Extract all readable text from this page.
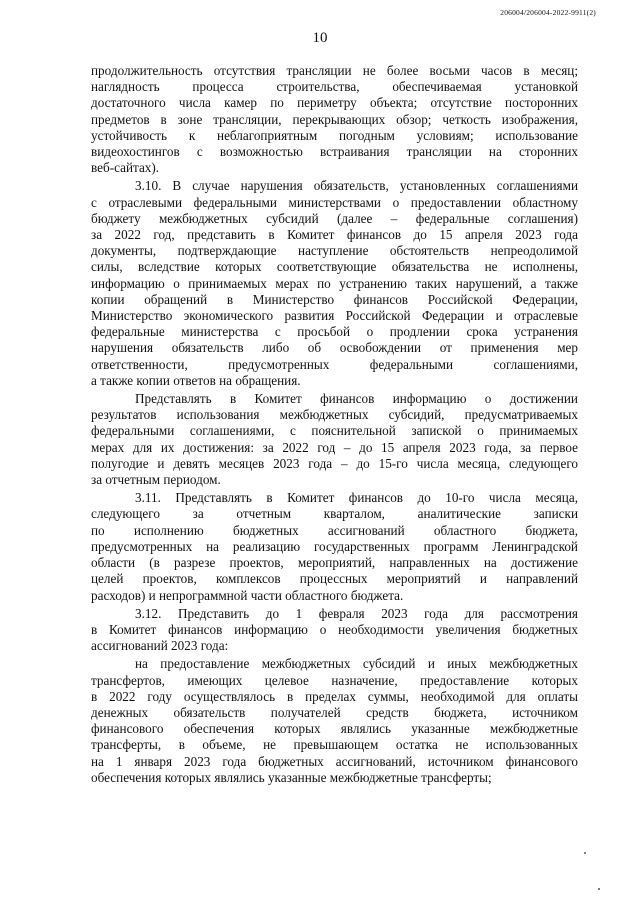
206004/206004-2022-9911(2)
10
продолжительность отсутствия трансляции не более восьми часов в месяц;
наглядность процесса строительства, обеспечиваемая установкой
достаточного числа камер по периметру объекта; отсутствие посторонних
предметов в зоне трансляции, перекрывающих обзор; четкость изображения,
устойчивость к неблагоприятным погодным условиям; использование
видеохостингов с возможностью встраивания трансляции на сторонних
веб-сайтах).
3.10. В случае нарушения обязательств, установленных соглашениями
с отраслевыми федеральными министерствами о предоставлении областному
бюджету межбюджетных субсидий (далее – федеральные соглашения)
за 2022 год, представить в Комитет финансов до 15 апреля 2023 года
документы, подтверждающие наступление обстоятельств непреодолимой
силы, вследствие которых соответствующие обязательства не исполнены,
информацию о принимаемых мерах по устранению таких нарушений, а также
копии обращений в Министерство финансов Российской Федерации,
Министерство экономического развития Российской Федерации и отраслевые
федеральные министерства с просьбой о продлении срока устранения
нарушения обязательств либо об освобождении от применения мер
ответственности, предусмотренных федеральными соглашениями,
а также копии ответов на обращения.
Представлять в Комитет финансов информацию о достижении
результатов использования межбюджетных субсидий, предусматриваемых
федеральными соглашениями, с пояснительной запиской о принимаемых
мерах для их достижения: за 2022 год – до 15 апреля 2023 года, за первое
полугодие и девять месяцев 2023 года – до 15-го числа месяца, следующего
за отчетным периодом.
3.11. Представлять в Комитет финансов до 10-го числа месяца,
следующего за отчетным кварталом, аналитические записки
по исполнению бюджетных ассигнований областного бюджета,
предусмотренных на реализацию государственных программ Ленинградской
области (в разрезе проектов, мероприятий, направленных на достижение
целей проектов, комплексов процессных мероприятий и направлений
расходов) и непрограммной части областного бюджета.
3.12. Представить до 1 февраля 2023 года для рассмотрения
в Комитет финансов информацию о необходимости увеличения бюджетных
ассигнований 2023 года:
на предоставление межбюджетных субсидий и иных межбюджетных
трансфертов, имеющих целевое назначение, предоставление которых
в 2022 году осуществлялось в пределах суммы, необходимой для оплаты
денежных обязательств получателей средств бюджета, источником
финансового обеспечения которых являлись указанные межбюджетные
трансферты, в объеме, не превышающем остатка не использованных
на 1 января 2023 года бюджетных ассигнований, источником финансового
обеспечения которых являлись указанные межбюджетные трансферты;
